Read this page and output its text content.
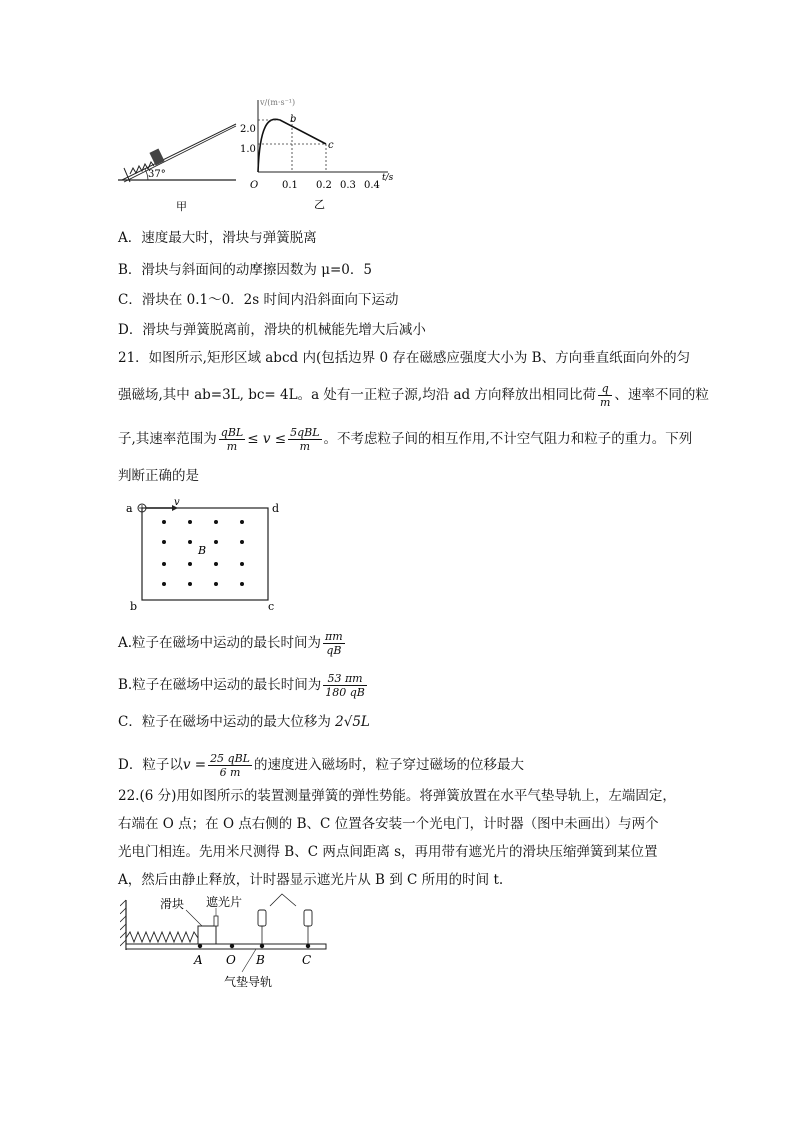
37°
甲
v/(m·s⁻¹)
2.0
1.0
O 0.1 0.2 0.3 0.4
t/s
b
c
乙
A．速度最大时，滑块与弹簧脱离
B．滑块与斜面间的动摩擦因数为 μ=0．5
C．滑块在 0.1～0．2s 时间内沿斜面向下运动
D．滑块与弹簧脱离前，滑块的机械能先增大后减小
21．如图所示,矩形区域 abcd 内(包括边界 0 存在磁感应强度大小为 B、方向垂直纸面向外的匀
强磁场,其中 ab=3L, bc= 4L。a 处有一正粒子源,均沿 ad 方向释放出相同比荷 $\frac{q}{m}$ 、速率不同的粒
子,其速率范围为 $\frac{\text{qBL}}{m} \le v \le \frac{\text{5qBL}}{m}$ 。不考虑粒子间的相互作用,不计空气阻力和粒子的重力。下列
判断正确的是
v
B
a	d
b	c
A.粒子在磁场中运动的最长时间为 $\frac{\pi m}{qB}$
B.粒子在磁场中运动的最长时间为 $\frac{53 \pi m}{180 qB}$
C．粒子在磁场中运动的最大位移为 2√5L
D．粒子以$v = \frac{\text{25 qBL}}{6 m}$ 的速度进入磁场时，粒子穿过磁场的位移最大
22.(6 分)用如图所示的装置测量弹簧的弹性势能。将弹簧放置在水平气垫导轨上，左端固定，
右端在 O 点；在 O 点右侧的 B、C 位置各安装一个光电门，计时器（图中未画出）与两个
光电门相连。先用米尺测得 B、C 两点间距离 s，再用带有遮光片的滑块压缩弹簧到某位置
A，然后由静止释放，计时器显示遮光片从 B 到 C 所用的时间 t.
滑块 遮光片
A O B	C
气垫导轨
